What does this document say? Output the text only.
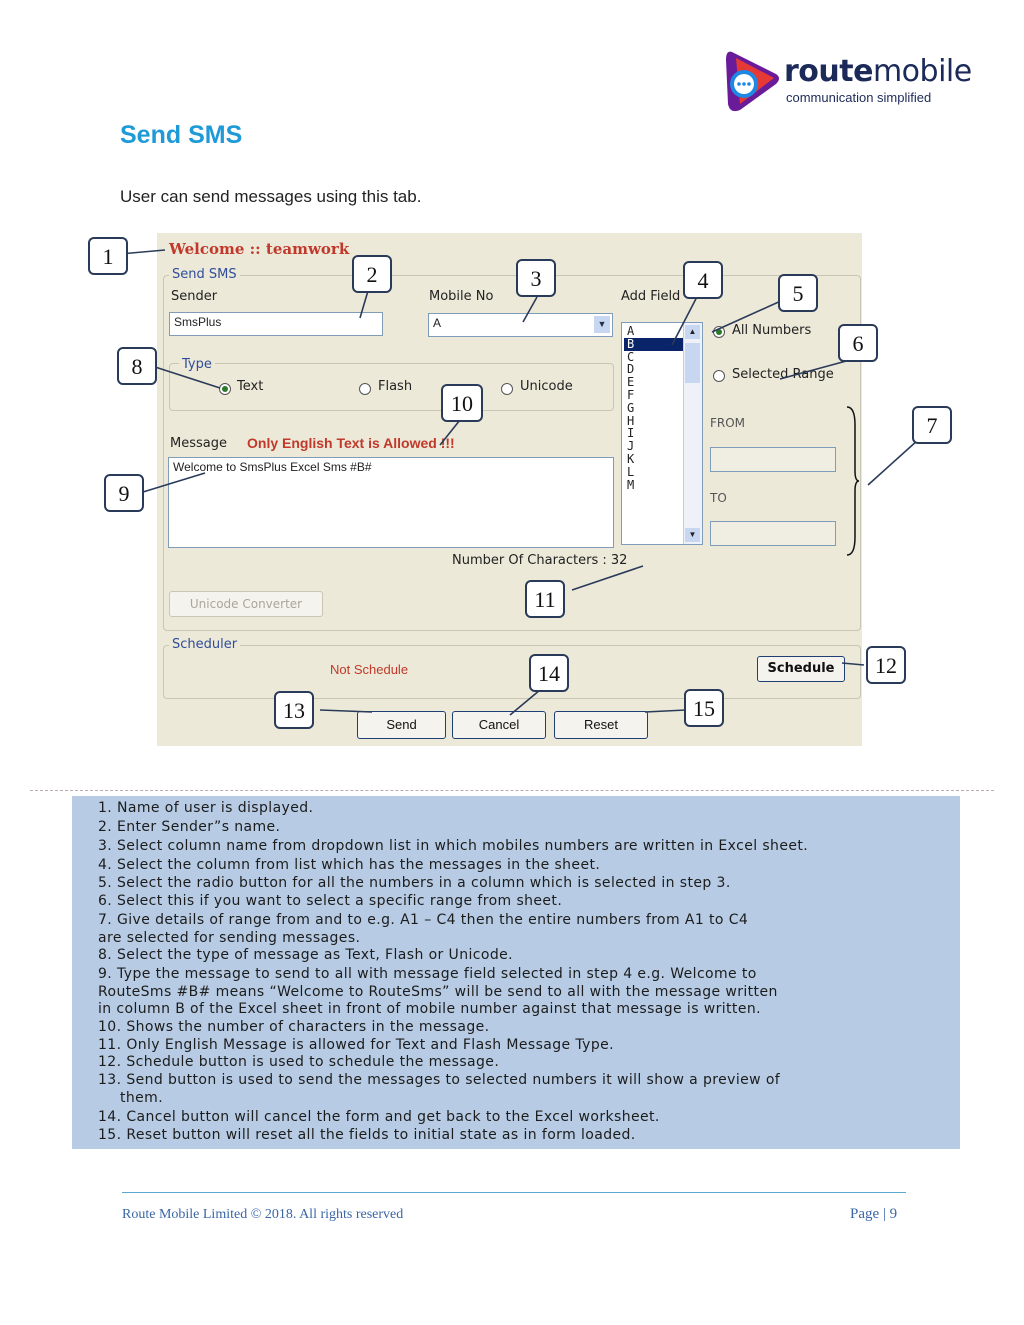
routemobile
communication simplified
Send SMS
User can send messages using this tab.
Welcome :: teamwork
Send SMS
Sender
SmsPlus
Mobile No
A	▼
Add Field
A
B
C
D
E
F
G
H
I
J
K
L
M
▲
▼
All Numbers
Selected Range
FROM
TO
Type
Text	Flash	Unicode
Message Only English Text is Allowed !!!
Welcome to SmsPlus Excel Sms #B#
Number Of Characters : 32
Unicode Converter
Scheduler
Not Schedule	Schedule
Send	Cancel	Reset
1
2	3	4
5
6
7
8
9
10
11
12
13
14
15
1. Name of user is displayed.
2. Enter Sender”s name.
3. Select column name from dropdown list in which mobiles numbers are written in Excel sheet.
4. Select the column from list which has the messages in the sheet.
5. Select the radio button for all the numbers in a column which is selected in step 3.
6. Select this if you want to select a specific range from sheet.
7. Give details of range from and to e.g. A1 – C4 then the entire numbers from A1 to C4
are selected for sending messages.
8. Select the type of message as Text, Flash or Unicode.
9. Type the message to send to all with message field selected in step 4 e.g. Welcome to
RouteSms #B# means “Welcome to RouteSms” will be send to all with the message written
in column B of the Excel sheet in front of mobile number against that message is written.
10. Shows the number of characters in the message.
11. Only English Message is allowed for Text and Flash Message Type.
12. Schedule button is used to schedule the message.
13. Send button is used to send the messages to selected numbers it will show a preview of
them.
14. Cancel button will cancel the form and get back to the Excel worksheet.
15. Reset button will reset all the fields to initial state as in form loaded.
Route Mobile Limited © 2018. All rights reserved	Page | 9
